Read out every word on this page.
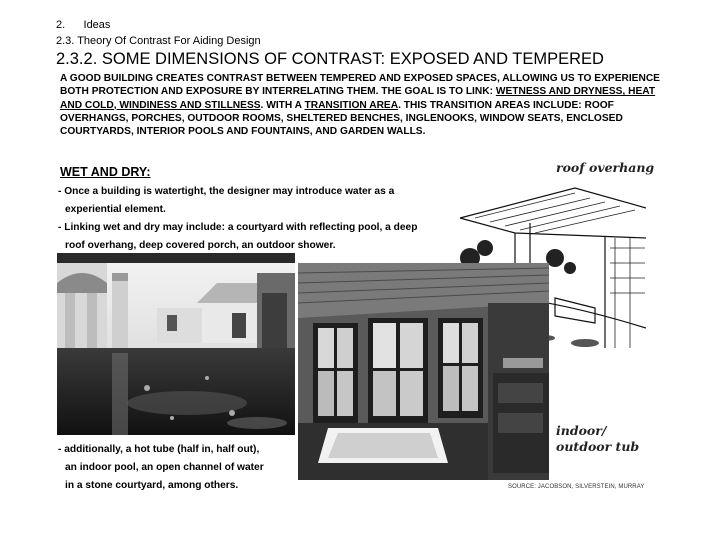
2.      Ideas
2.3. Theory Of Contrast For Aiding Design
2.3.2. SOME DIMENSIONS OF CONTRAST: EXPOSED AND TEMPERED
A GOOD BUILDING CREATES CONTRAST BETWEEN TEMPERED AND EXPOSED SPACES, ALLOWING US TO EXPERIENCE BOTH PROTECTION AND EXPOSURE BY INTERRELATING THEM. THE GOAL IS TO LINK: WETNESS AND DRYNESS, HEAT AND COLD, WINDINESS AND STILLNESS. WITH A TRANSITION AREA. THIS TRANSITION AREAS INCLUDE: ROOF OVERHANGS, PORCHES, OUTDOOR ROOMS, SHELTERED BENCHES, INGLENOOKS, WINDOW SEATS, ENCLOSED COURTYARDS, INTERIOR POOLS AND FOUNTAINS, AND GARDEN WALLS.
WET AND DRY:
- Once a building is watertight, the designer may introduce water as a
experiential element.
- Linking wet and dry may include: a courtyard with reflecting pool, a deep
roof overhang, deep covered porch, an outdoor shower.
roof overhang
indoor/
outdoor tub
- additionally, a hot tube (half in, half out),
an indoor pool, an open channel of water
in a stone courtyard, among others.	SOURCE: JACOBSON, SILVERSTEIN, MURRAY
